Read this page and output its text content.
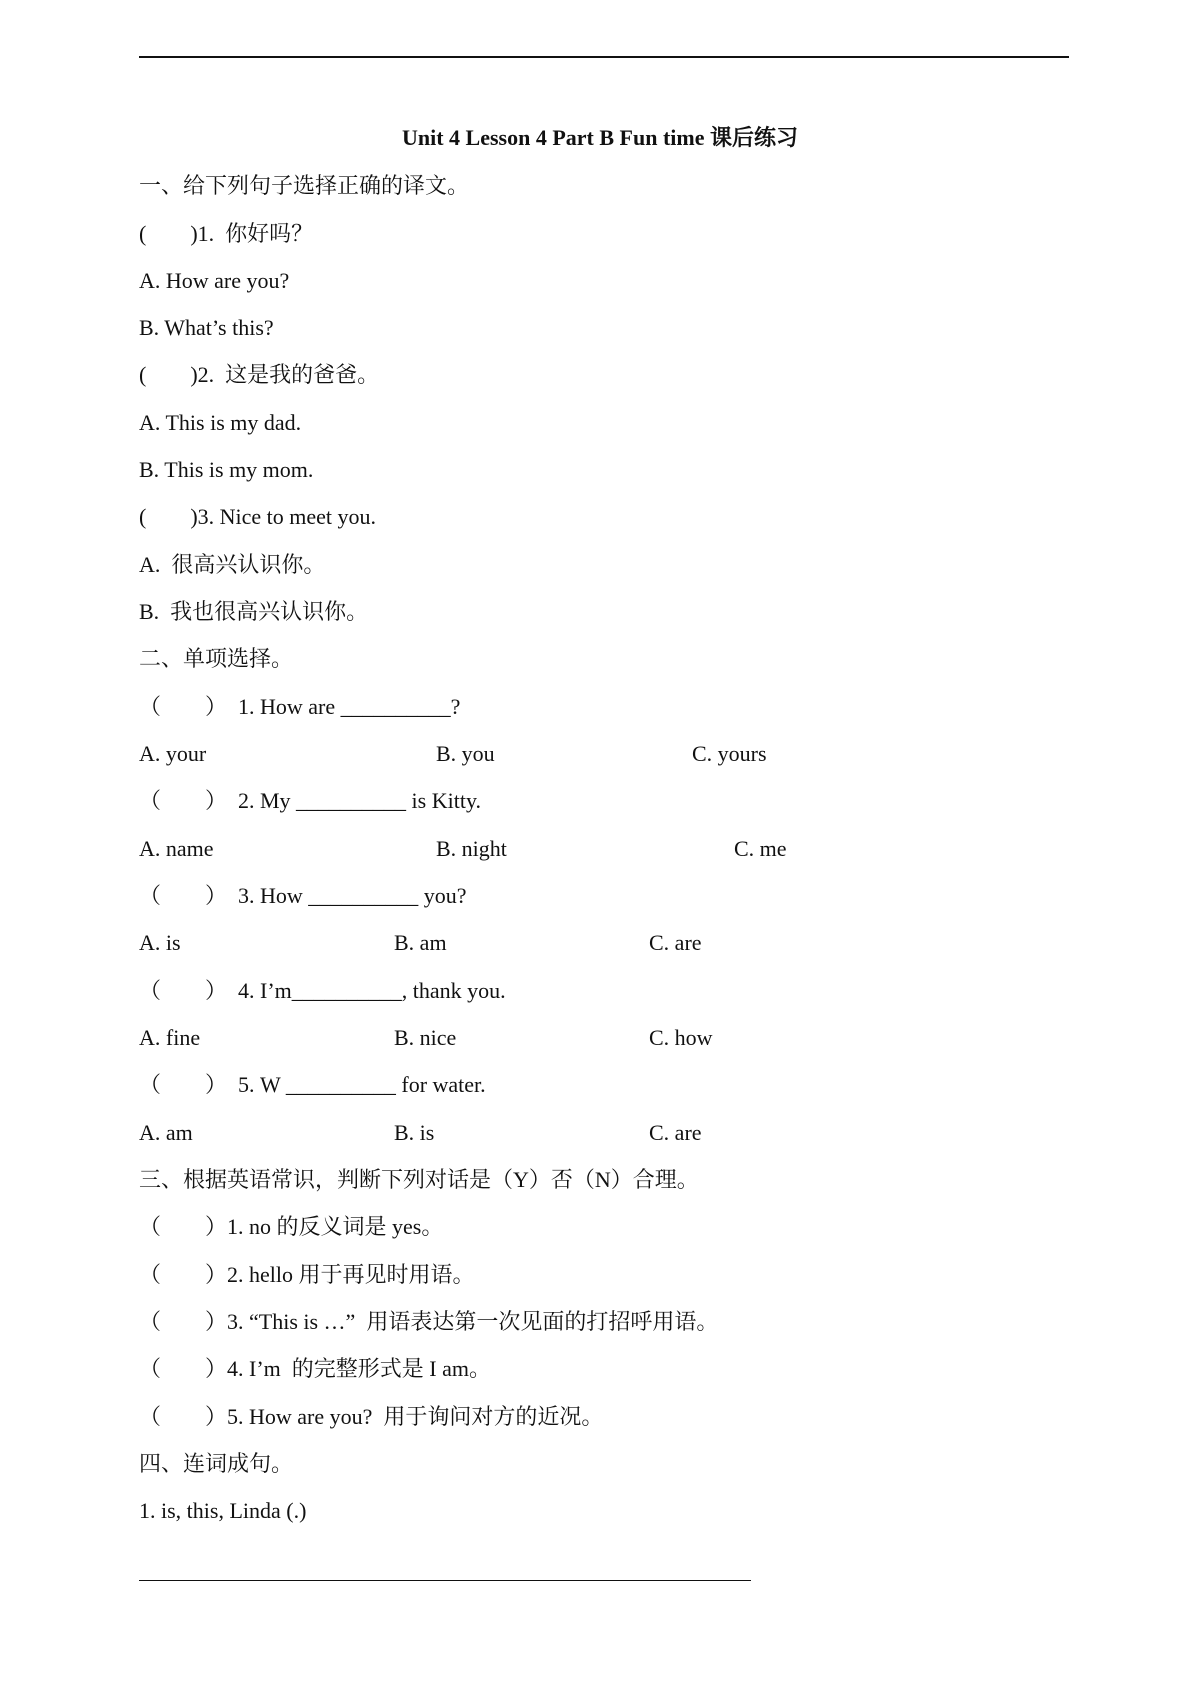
Unit 4 Lesson 4 Part B Fun time 课后练习
一、给下列句子选择正确的译文。
(        )1.  你好吗？
A. How are you?
B. What’s this?
(        )2.  这是我的爸爸。
A. This is my dad.
B. This is my mom.
(        )3. Nice to meet you.
A.  很高兴认识你。
B.  我也很高兴认识你。
二、单项选择。
（        ）  1. How are __________?
A. your	B. you	C. yours
（        ）  2. My __________ is Kitty.
A. name	B. night	C. me
（        ）  3. How __________ you?
A. is	B. am	C. are
（        ）  4. I’m__________, thank you.
A. fine	B. nice	C. how
（        ）  5. W __________ for water.
A. am	B. is	C. are
三、根据英语常识，判断下列对话是（Y）否（N）合理。
（        ）1. no 的反义词是 yes。
（        ）2. hello 用于再见时用语。
（        ）3. “This is …”  用语表达第一次见面的打招呼用语。
（        ）4. I’m  的完整形式是 I am。
（        ）5. How are you?  用于询问对方的近况。
四、连词成句。
1. is, this, Linda (.)
